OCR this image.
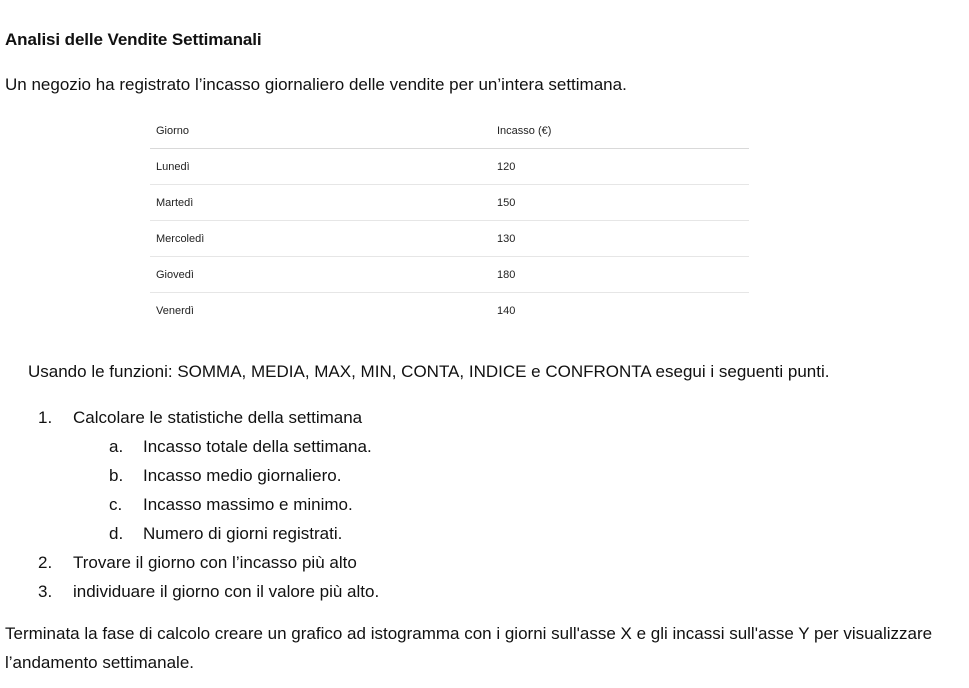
Analisi delle Vendite Settimanali
Un negozio ha registrato l’incasso giornaliero delle vendite per un’intera settimana.
Giorno	Incasso (€)
Lunedì	120
Martedì	150
Mercoledì	130
Giovedì	180
Venerdì	140
Usando le funzioni: SOMMA, MEDIA, MAX, MIN, CONTA, INDICE e CONFRONTA esegui i seguenti punti.
1. Calcolare le statistiche della settimana
a. Incasso totale della settimana.
b. Incasso medio giornaliero.
c. Incasso massimo e minimo.
d. Numero di giorni registrati.
2. Trovare il giorno con l’incasso più alto
3. individuare il giorno con il valore più alto.
Terminata la fase di calcolo creare un grafico ad istogramma con i giorni sull'asse X e gli incassi sull'asse Y per visualizzare l’andamento settimanale.
